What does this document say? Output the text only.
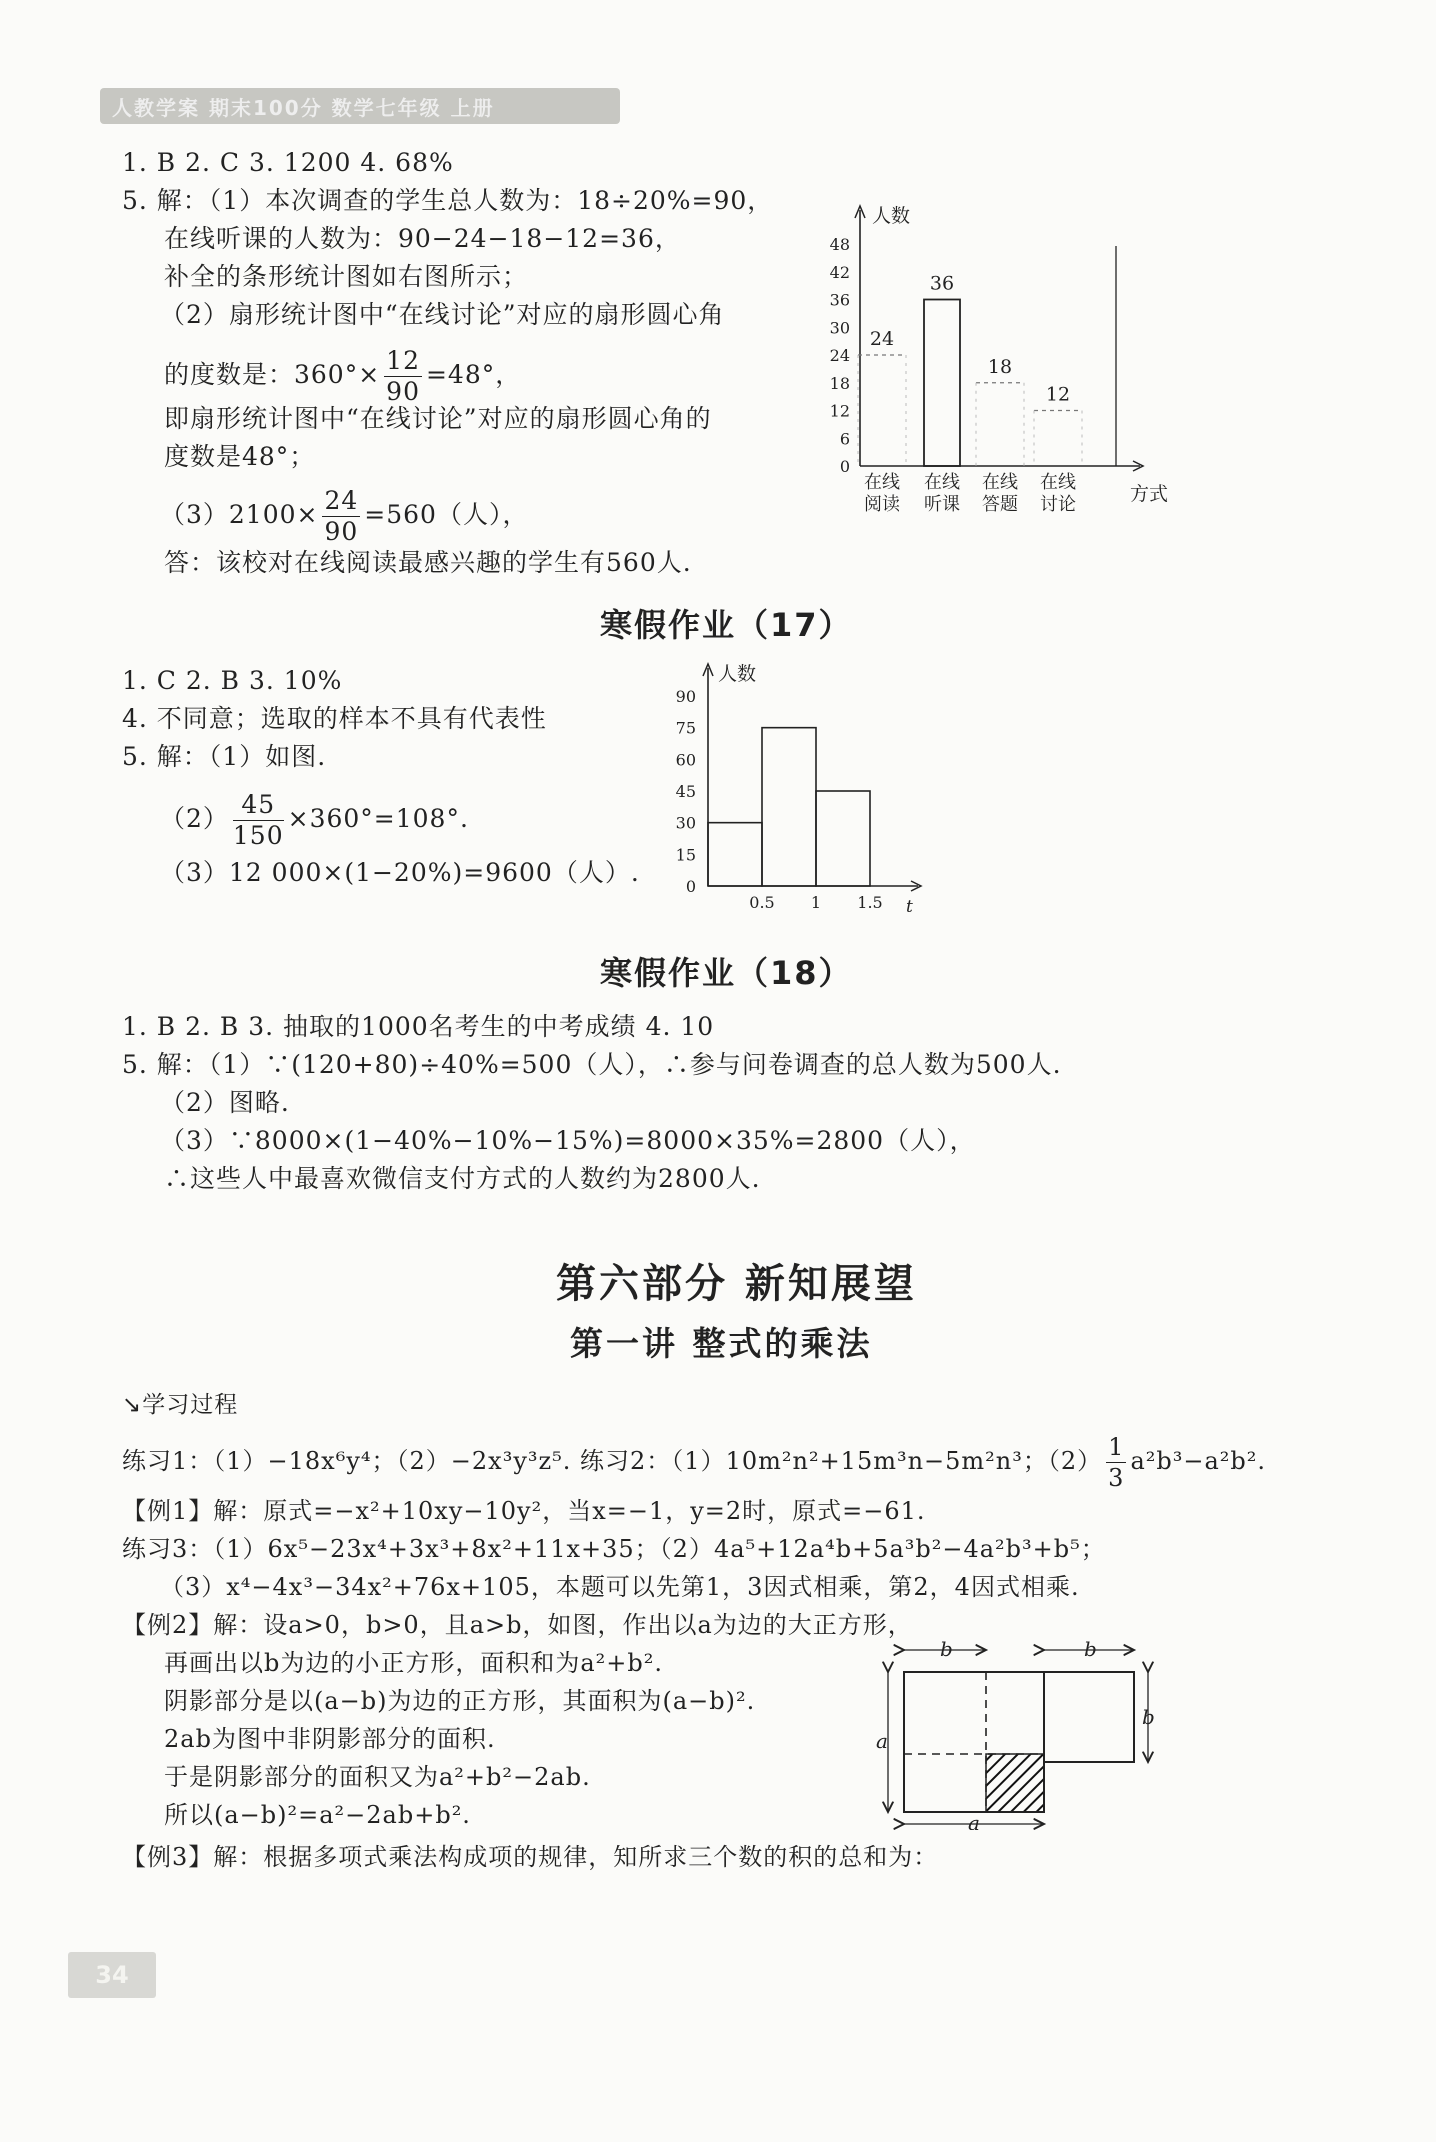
人教学案 期末100分 数学七年级 上册
1. B 2. C 3. 1200 4. 68%
5. 解：（1）本次调查的学生总人数为：18÷20%=90，
在线听课的人数为：90−24−18−12=36，
补全的条形统计图如右图所示；
（2）扇形统计图中“在线讨论”对应的扇形圆心角
的度数是：$360^\circ\times \frac{12}{90} =48^\circ$，
即扇形统计图中“在线讨论”对应的扇形圆心角的
度数是48°；
$(3)2100\times \frac{24}{90} =560$（人），
答：该校对在线阅读最感兴趣的学生有560人.
人数
方式
0
6
12
18
24
30
36
42
48
24
在线
阅读
36
在线
听课
18
在线
答题
12
在线
讨论
寒假作业（17）
1. C 2. B 3. 10%
4. 不同意；选取的样本不具有代表性
5. 解：（1）如图.
$(2) \frac{45}{150} \times 360^\circ=108^\circ$.
（3）12 000×(1−20%)=9600（人）.
人数
t
0
15
30
45
60
75
90
0.5 1 1.5
寒假作业（18）
1. B 2. B 3. 抽取的1000名考生的中考成绩 4. 10
5. 解：（1）∵(120+80)÷40%=500（人），∴参与问卷调查的总人数为500人.
（2）图略.
（3）∵8000×(1−40%−10%−15%)=8000×35%=2800（人），
∴这些人中最喜欢微信支付方式的人数约为2800人.
第六部分 新知展望
第一讲 整式的乘法
↘学习过程
练习1：（1）−18x⁶y⁴；（2）−2x³y³z⁵. 练习2：（1）10m²n²+15m³n−5m²n³；$(2) \frac{1}{3} a^2b^3-a^2b^2$.
【例1】解：原式=−x²+10xy−10y²，当x=−1，y=2时，原式=−61.
练习3：（1）6x⁵−23x⁴+3x³+8x²+11x+35；（2）4a⁵+12a⁴b+5a³b²−4a²b³+b⁵；
（3）x⁴−4x³−34x²+76x+105，本题可以先第1，3因式相乘，第2，4因式相乘.
【例2】解：设a>0，b>0，且a>b，如图，作出以a为边的大正方形，
再画出以b为边的小正方形，面积和为a²+b².
阴影部分是以(a−b)为边的正方形，其面积为(a−b)².
2ab为图中非阴影部分的面积.
于是阴影部分的面积又为a²+b²−2ab.
所以(a−b)²=a²−2ab+b².
【例3】解：根据多项式乘法构成项的规律，知所求三个数的积的总和为：
b	b
b
a
a
34
